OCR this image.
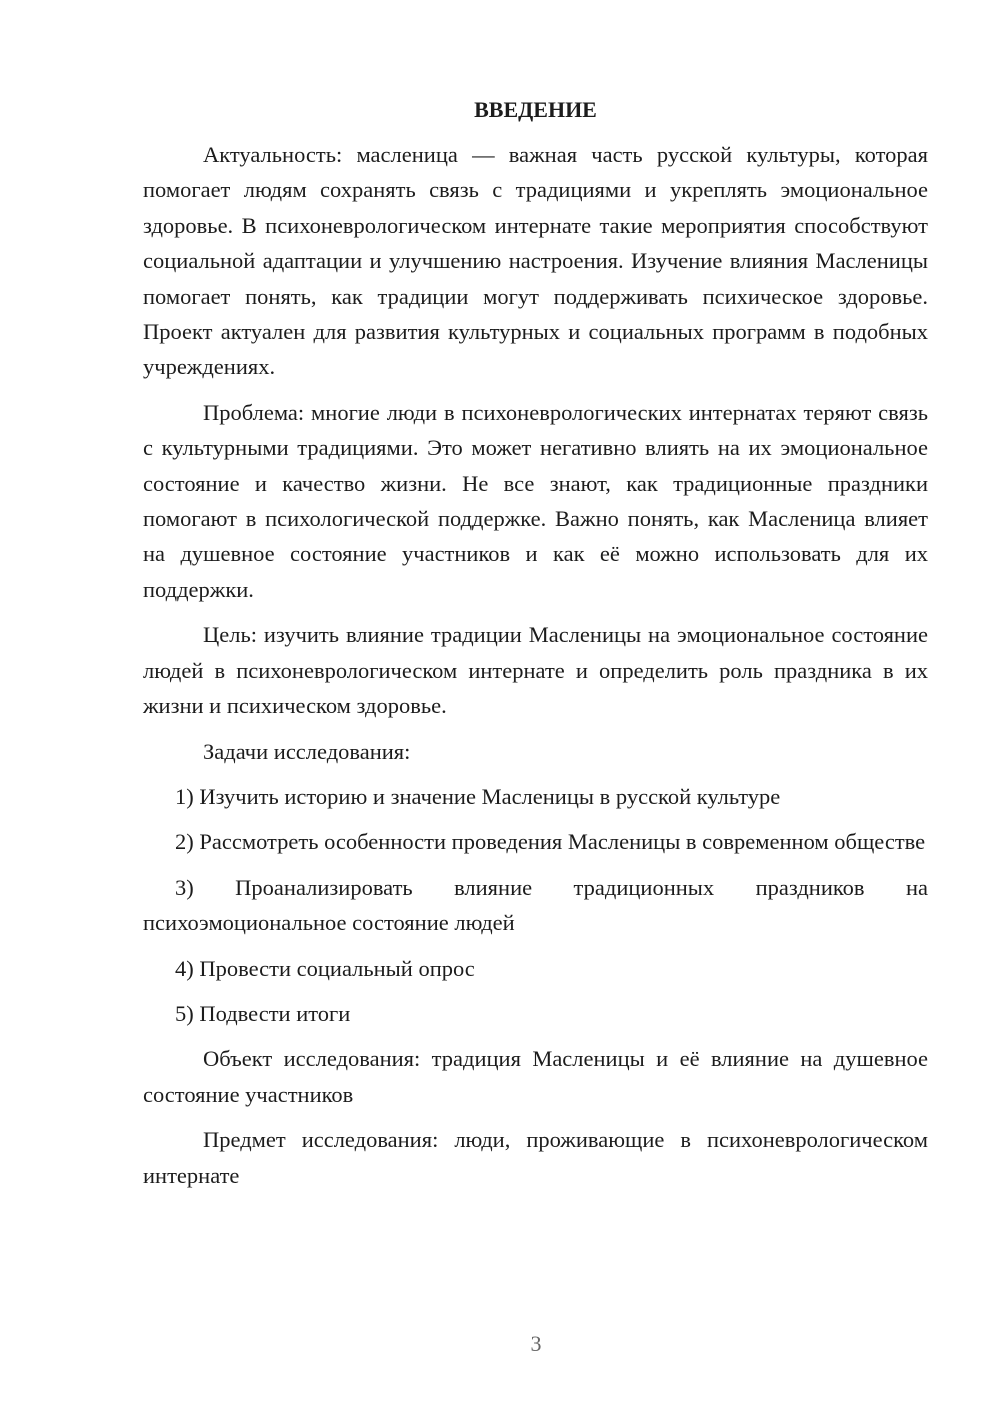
ВВЕДЕНИЕ

Актуальность: масленица — важная часть русской культуры, которая помогает людям сохранять связь с традициями и укреплять эмоциональное здоровье. В психоневрологическом интернате такие мероприятия способствуют социальной адаптации и улучшению настроения. Изучение влияния Масленицы помогает понять, как традиции могут поддерживать психическое здоровье. Проект актуален для развития культурных и социальных программ в подобных учреждениях.

Проблема: многие люди в психоневрологических интернатах теряют связь с культурными традициями. Это может негативно влиять на их эмоциональное состояние и качество жизни. Не все знают, как традиционные праздники помогают в психологической поддержке. Важно понять, как Масленица влияет на душевное состояние участников и как её можно использовать для их поддержки.

Цель: изучить влияние традиции Масленицы на эмоциональное состояние людей в психоневрологическом интернате и определить роль праздника в их жизни и психическом здоровье.

Задачи исследования:

1) Изучить историю и значение Масленицы в русской культуре

2) Рассмотреть особенности проведения Масленицы в современном обществе

3) Проанализировать влияние традиционных праздников на психоэмоциональное состояние людей

4) Провести социальный опрос

5) Подвести итоги

Объект исследования: традиция Масленицы и её влияние на душевное состояние участников

Предмет исследования: люди, проживающие в психоневрологическом интернате

3
